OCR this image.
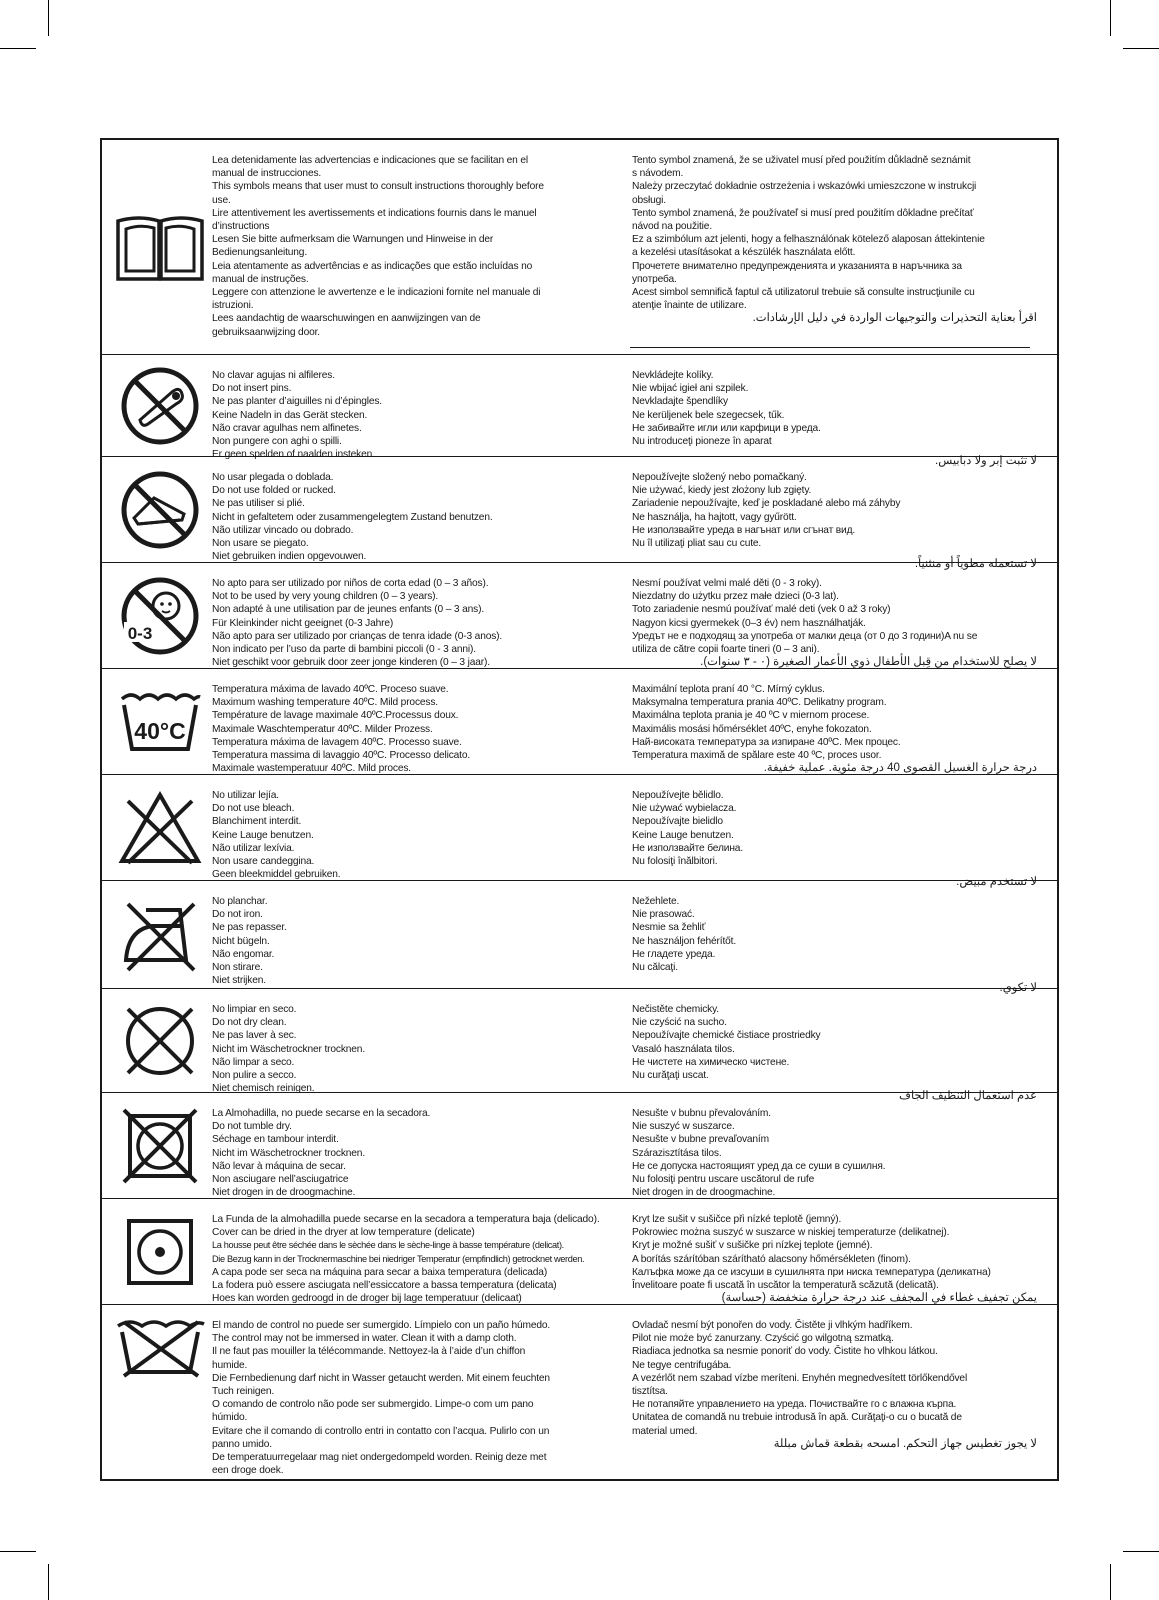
Lea detenidamente las advertencias e indicaciones que se facilitan en el
manual de instrucciones.
This symbols means that user must to consult instructions thoroughly before
use.
Lire attentivement les avertissements et indications fournis dans le manuel
d’instructions
Lesen Sie bitte aufmerksam die Warnungen und Hinweise in der
Bedienungsanleitung.
Leia atentamente as advertências e as indicações que estão incluídas no
manual de instruções.
Leggere con attenzione le avvertenze e le indicazioni fornite nel manuale di
istruzioni.
Lees aandachtig de waarschuwingen en aanwijzingen van de
gebruiksaanwijzing door.
Tento symbol znamená, že se uživatel musí před použitím důkladně seznámit
s návodem.
Należy przeczytać dokładnie ostrzeżenia i wskazówki umieszczone w instrukcji
obsługi.
Tento symbol znamená, že používateľ si musí pred použitím dôkladne prečítať
návod na použitie.
Ez a szimbólum azt jelenti, hogy a felhasználónak kötelező alaposan áttekintenie
a kezelési utasításokat a készülék használata előtt.
Прочетете внимателно предупрежденията и указанията в наръчника за
употреба.
Acest simbol semnifică faptul că utilizatorul trebuie să consulte instrucţiunile cu
atenţie înainte de utilizare.
اقرأ بعناية التحذيرات والتوجيهات الواردة في دليل الإرشادات.
No clavar agujas ni alfileres.
Do not insert pins.
Ne pas planter d’aiguilles ni d’épingles.
Keine Nadeln in das Gerät stecken.
Não cravar agulhas nem alfinetes.
Non pungere con aghi o spilli.
Er geen spelden of naalden insteken.
Nevkládejte kolíky.
Nie wbijać igieł ani szpilek.
Nevkladajte špendlíky
Ne kerüljenek bele szegecsek, tűk.
Не забивайте игли или карфици в уреда.
Nu introduceţi pioneze în aparat
لا تثبت إبر ولا دبابيس.
No usar plegada o doblada.
Do not use folded or rucked.
Ne pas utiliser si plié.
Nicht in gefaltetem oder zusammengelegtem Zustand benutzen.
Não utilizar vincado ou dobrado.
Non usare se piegato.
Niet gebruiken indien opgevouwen.
Nepoužívejte složený nebo pomačkaný.
Nie używać, kiedy jest złożony lub zgięty.
Zariadenie nepoužívajte, keď je poskladané alebo má záhyby
Ne használja, ha hajtott, vagy gyűrött.
Не използвайте уреда в нагънат или сгънат вид.
Nu îl utilizaţi pliat sau cu cute.
لا تستعمله مطوياً أو منثنياً.
0-3
No apto para ser utilizado por niños de corta edad (0 – 3 años).
Not to be used by very young children (0 – 3 years).
Non adapté à une utilisation par de jeunes enfants (0 – 3 ans).
Für Kleinkinder nicht geeignet (0-3 Jahre)
Não apto para ser utilizado por crianças de tenra idade (0-3 anos).
Non indicato per l’uso da parte di bambini piccoli (0 - 3 anni).
Niet geschikt voor gebruik door zeer jonge kinderen (0 – 3 jaar).
Nesmí používat velmi malé děti (0 - 3 roky).
Niezdatny do użytku przez małe dzieci (0-3 lat).
Toto zariadenie nesmú používať malé deti (vek 0 až 3 roky)
Nagyon kicsi gyermekek (0–3 év) nem használhatják.
Уредът не е подходящ за употреба от малки деца (от 0 до 3 години)A nu se
utiliza de către copii foarte tineri (0 – 3 ani).
لا يصلح للاستخدام من قِبل الأطفال ذوي الأعمار الصغيرة (٠ - ٣ سنوات).
40°C
Temperatura máxima de lavado 40ºC. Proceso suave.
Maximum washing temperature 40ºC. Mild process.
Température de lavage maximale 40ºC.Processus doux.
Maximale Waschtemperatur 40ºC. Milder Prozess.
Temperatura máxima de lavagem 40ºC. Processo suave.
Temperatura massima di lavaggio 40ºC. Processo delicato.
Maximale wastemperatuur 40ºC. Mild proces.
Maximální teplota praní 40 °C. Mírný cyklus.
Maksymalna temperatura prania 40ºC. Delikatny program.
Maximálna teplota prania je 40 ºC v miernom procese.
Maximális mosási hőmérséklet 40ºC, enyhe fokozaton.
Най-високата температура за изпиране 40ºC. Мек процес.
Temperatura maximă de spălare este 40 ºC, proces usor.
درجة حرارة الغسيل القصوى 40 درجة مئوية. عملية خفيفة.
No utilizar lejía.
Do not use bleach.
Blanchiment interdit.
Keine Lauge benutzen.
Não utilizar lexívia.
Non usare candeggina.
Geen bleekmiddel gebruiken.
Nepoužívejte bělidlo.
Nie używać wybielacza.
Nepoužívajte bielidlo
Keine Lauge benutzen.
Не използвайте белина.
Nu folosiţi înălbitori.
لا تستخدم مبيض.
No planchar.
Do not iron.
Ne pas repasser.
Nicht bügeln.
Não engomar.
Non stirare.
Niet strijken.
Nežehlete.
Nie prasować.
Nesmie sa žehliť
Ne használjon fehérítőt.
Не гладете уреда.
Nu călcaţi.
لا تكوي.
No limpiar en seco.
Do not dry clean.
Ne pas laver à sec.
Nicht im Wäschetrockner trocknen.
Não limpar a seco.
Non pulire a secco.
Niet chemisch reinigen.
Nečistěte chemicky.
Nie czyścić na sucho.
Nepoužívajte chemické čistiace prostriedky
Vasaló használata tilos.
Не чистете на химическо чистене.
Nu curăţaţi uscat.
عدم استعمال التنظيف الجاف
La Almohadilla, no puede secarse en la secadora.
Do not tumble dry.
Séchage en tambour interdit.
Nicht im Wäschetrockner trocknen.
Não levar à máquina de secar.
Non asciugare nell’asciugatrice
Niet drogen in de droogmachine.
Nesušte v bubnu převalováním.
Nie suszyć w suszarce.
Nesušte v bubne prevaľovaním
Szárazisztítása tilos.
Не се допуска настоящият уред да се суши в сушилня.
Nu folosiţi pentru uscare uscătorul de rufe
Niet drogen in de droogmachine.
La Funda de la almohadilla puede secarse en la secadora a temperatura baja (delicado).
Cover can be dried in the dryer at low temperature (delicate)
La housse peut être séchée dans le sèchée dans le sèche-linge à basse température (delicat).
Die Bezug kann in der Trocknermaschine bei niedriger Temperatur (empfindlich) getrocknet werden.
A capa pode ser seca na máquina para secar a baixa temperatura (delicada)
La fodera può essere asciugata nell’essiccatore a bassa temperatura (delicata)
Hoes kan worden gedroogd in de droger bij lage temperatuur (delicaat)
Kryt lze sušit v sušičce při nízké teplotě (jemný).
Pokrowiec można suszyć w suszarce w niskiej temperaturze (delikatnej).
Kryt je možné sušiť v sušičke pri nízkej teplote (jemné).
A borítás szárítóban szárítható alacsony hőmérsékleten (finom).
Калъфка може да се изсуши в сушилнята при ниска температура (деликатна)
Învelitoare poate fi uscată în uscător la temperatură scăzută (delicată).
يمكن تجفيف غطاء في المجفف عند درجة حرارة منخفضة (حساسة)
El mando de control no puede ser sumergido. Límpielo con un paño húmedo.
The control may not be immersed in water. Clean it with a damp cloth.
Il ne faut pas mouiller la télécommande. Nettoyez-la à l’aide d’un chiffon
humide.
Die Fernbedienung darf nicht in Wasser getaucht werden. Mit einem feuchten
Tuch reinigen.
O comando de controlo não pode ser submergido. Limpe-o com um pano
húmido.
Evitare che il comando di controllo entri in contatto con l’acqua. Pulirlo con un
panno umido.
De temperatuurregelaar mag niet ondergedompeld worden. Reinig deze met
een droge doek.
Ovladač nesmí být ponořen do vody. Čistěte ji vlhkým hadříkem.
Pilot nie może być zanurzany. Czyścić go wilgotną szmatką.
Riadiaca jednotka sa nesmie ponoriť do vody. Čistite ho vlhkou látkou.
Ne tegye centrifugába.
A vezérlőt nem szabad vízbe meríteni. Enyhén megnedvesített törlőkendővel
tisztítsa.
Не потапяйте управлението на уреда. Почиствайте го с влажна кърпа.
Unitatea de comandă nu trebuie introdusă în apă. Curăţaţi-o cu o bucată de
material umed.
لا يجوز تغطيس جهاز التحكم. امسحه بقطعة قماش مبللة
